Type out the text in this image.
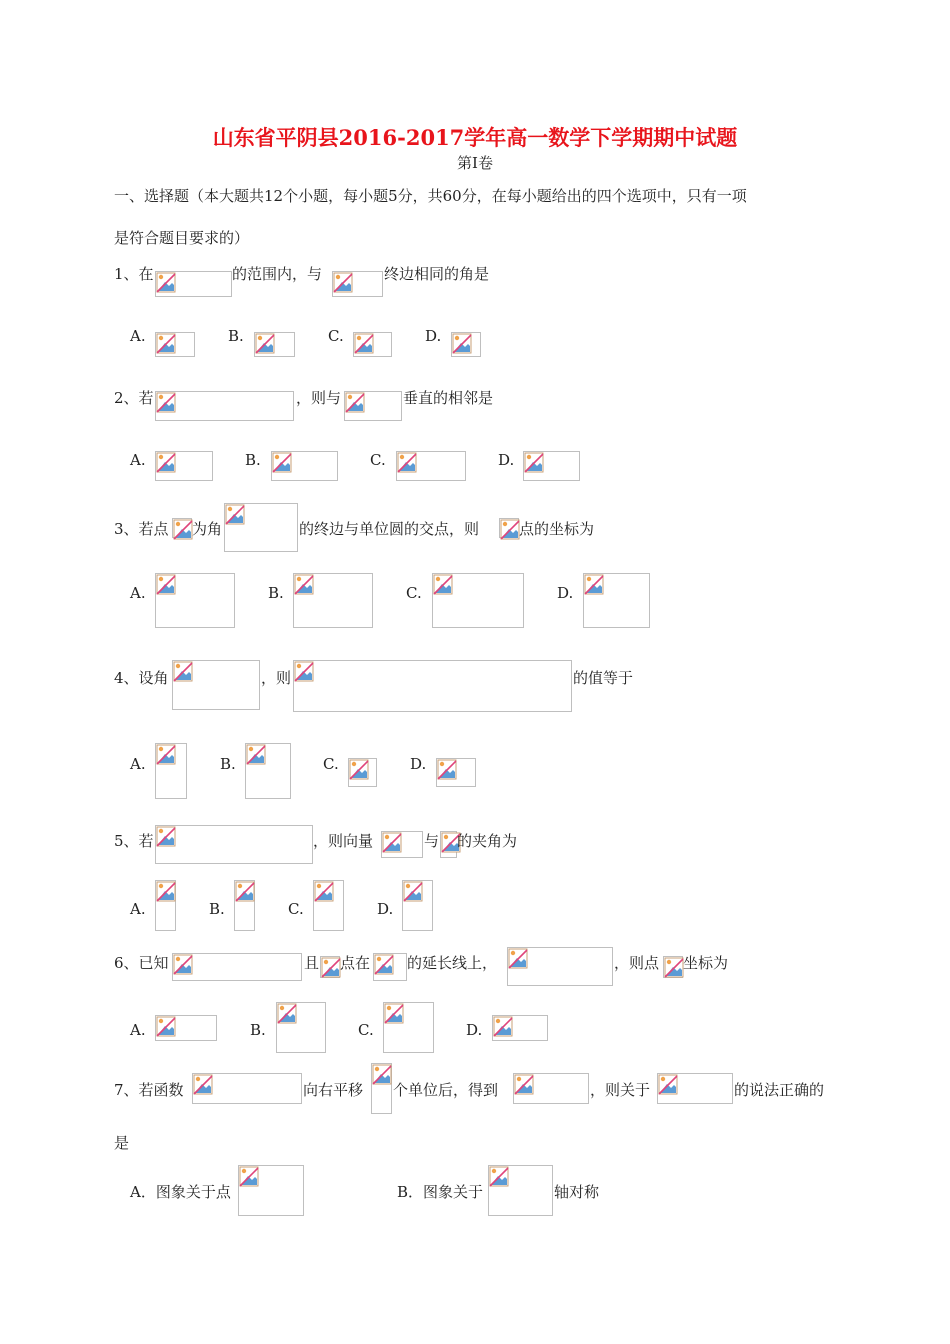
山东省平阴县2016-2017学年高一数学下学期期中试题
第I卷
一、选择题（本大题共12个小题，每小题5分，共60分，在每小题给出的四个选项中，只有一项
是符合题目要求的）
1、在	的范围内，与	终边相同的角是
A.	B.	C.	D.
2、若	，则与	垂直的相邻是
A.	B.	C.	D.
3、若点 为角	的终边与单位圆的交点，则	点的坐标为
A.	B.	C.	D.
4、设角	，则	的值等于
A.	B.	C.	D.
5、若	，则向量	与 的夹角为
A.	B.	C.	D.
6、已知	且 点在 的延长线上，	，则点 坐标为
A.	B.	C.	D.
7、若函数	向右平移 个单位后，得到	，则关于	的说法正确的
是
A．图象关于点	B．图象关于	轴对称
